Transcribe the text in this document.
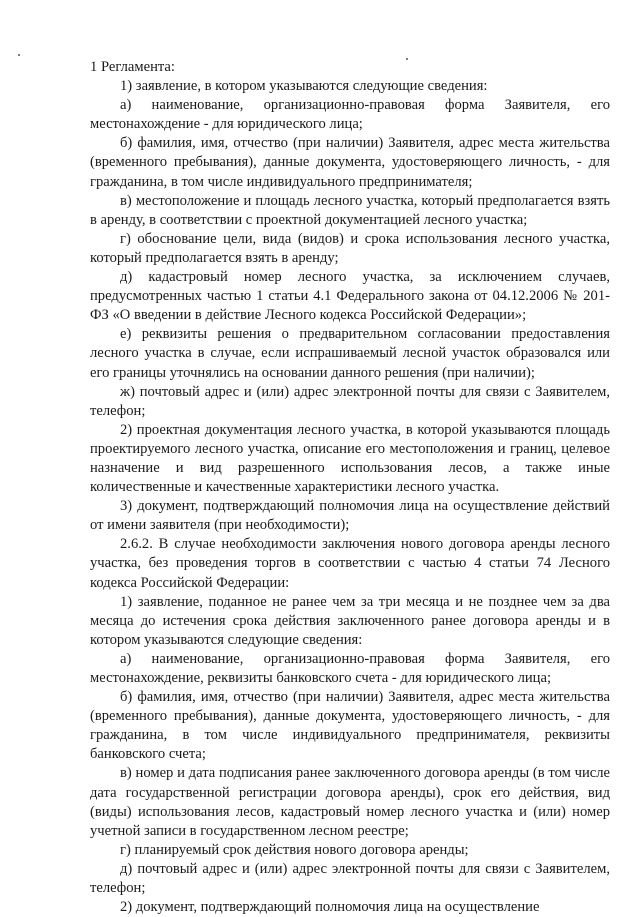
1 Регламента:

1) заявление, в котором указываются следующие сведения:

а) наименование, организационно-правовая форма Заявителя, его местонахождение - для юридического лица;

б) фамилия, имя, отчество (при наличии) Заявителя, адрес места жительства (временного пребывания), данные документа, удостоверяющего личность, - для гражданина, в том числе индивидуального предпринимателя;

в) местоположение и площадь лесного участка, который предполагается взять в аренду, в соответствии с проектной документацией лесного участка;

г) обоснование цели, вида (видов) и срока использования лесного участка, который предполагается взять в аренду;

д) кадастровый номер лесного участка, за исключением случаев, предусмотренных частью 1 статьи 4.1 Федерального закона от 04.12.2006 № 201-ФЗ «О введении в действие Лесного кодекса Российской Федерации»;

е) реквизиты решения о предварительном согласовании предоставления лесного участка в случае, если испрашиваемый лесной участок образовался или его границы уточнялись на основании данного решения (при наличии);

ж) почтовый адрес и (или) адрес электронной почты для связи с Заявителем, телефон;

2) проектная документация лесного участка, в которой указываются площадь проектируемого лесного участка, описание его местоположения и границ, целевое назначение и вид разрешенного использования лесов, а также иные количественные и качественные характеристики лесного участка.

3) документ, подтверждающий полномочия лица на осуществление действий от имени заявителя (при необходимости);

2.6.2. В случае необходимости заключения нового договора аренды лесного участка, без проведения торгов в соответствии с частью 4 статьи 74 Лесного кодекса Российской Федерации:

1) заявление, поданное не ранее чем за три месяца и не позднее чем за два месяца до истечения срока действия заключенного ранее договора аренды и в котором указываются следующие сведения:

а) наименование, организационно-правовая форма Заявителя, его местонахождение, реквизиты банковского счета - для юридического лица;

б) фамилия, имя, отчество (при наличии) Заявителя, адрес места жительства (временного пребывания), данные документа, удостоверяющего личность, - для гражданина, в том числе индивидуального предпринимателя, реквизиты банковского счета;

в) номер и дата подписания ранее заключенного договора аренды (в том числе дата государственной регистрации договора аренды), срок его действия, вид (виды) использования лесов, кадастровый номер лесного участка и (или) номер учетной записи в государственном лесном реестре;

г) планируемый срок действия нового договора аренды;

д) почтовый адрес и (или) адрес электронной почты для связи с Заявителем, телефон;

2) документ, подтверждающий полномочия лица на осуществление
